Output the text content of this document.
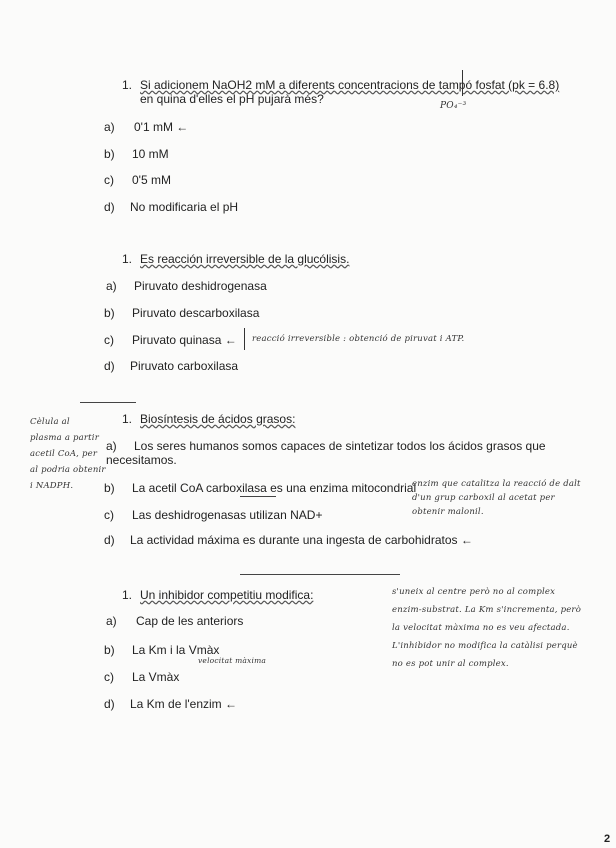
1. Si adicionem NaOH2 mM a diferents concentracions de tampó fosfat (pk = 6.8)
en quina d'elles el pH pujarà més?	PO₄⁻³
a) 0'1 mM ←
b) 10 mM
c) 0'5 mM
d) No modificaria el pH
1. Es reacción irreversible de la glucólisis.
a) Piruvato deshidrogenasa
b) Piruvato descarboxilasa
c) Piruvato quinasa ← reacció irreversible : obtenció de piruvat i ATP.
d) Piruvato carboxilasa
1. Biosíntesis de ácidos grasos:
Cèlula al
plasma a partir
acetil CoA, per
al podria obtenir
i NADPH.
a) Los seres humanos somos capaces de sintetizar todos los ácidos grasos que
necesitamos.
b) La acetil CoA carboxilasa es una enzima mitocondrial
enzim que catalitza la reacció de dalt
d'un grup carboxil al acetat per
obtenir malonil.
c) Las deshidrogenasas utilizan NAD+
d) La actividad máxima es durante una ingesta de carbohidratos ←
1. Un inhibidor competitiu modifica:	s'uneix al centre però no al complex
enzim-substrat. La Km s'incrementa, però
la velocitat màxima no es veu afectada.
L'inhibidor no modifica la catàlisi perquè
no es pot unir al complex.
a) Cap de les anteriors
b) La Km i la Vmàx
velocitat màxima
c) La Vmàx
d) La Km de l'enzim ←
2
